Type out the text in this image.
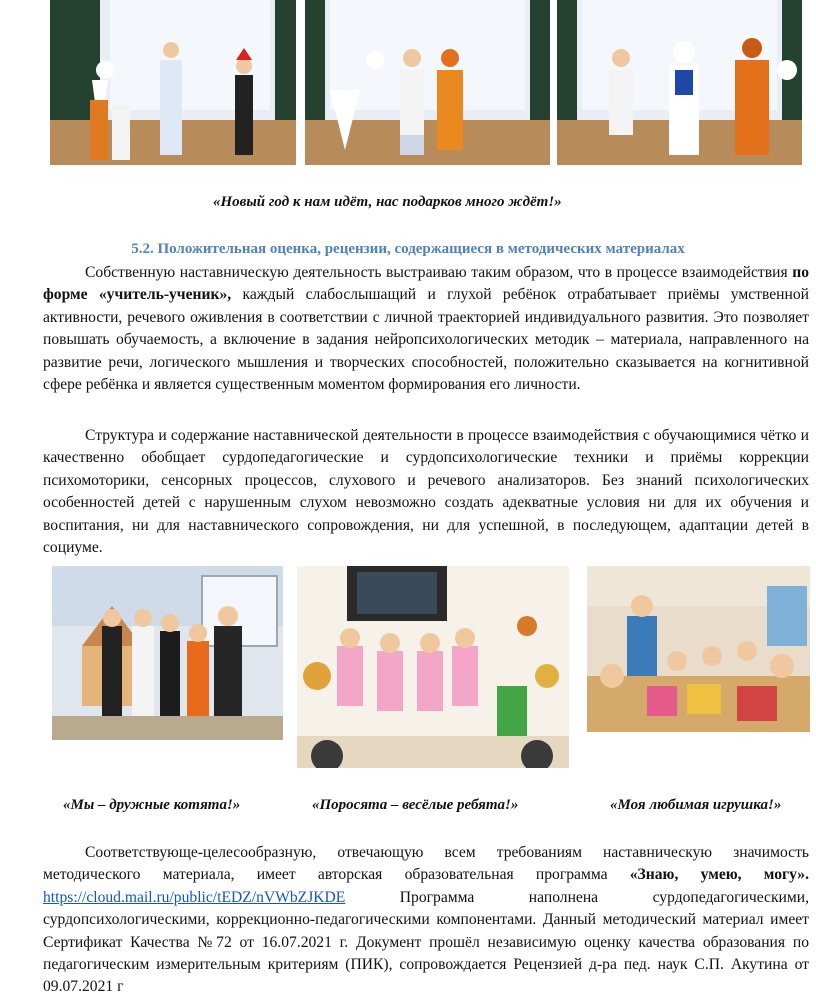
«Новый год к нам идёт, нас подарков много ждёт!»
5.2. Положительная оценка, рецензии, содержащиеся в методических материалах

Собственную наставническую деятельность выстраиваю таким образом, что в процессе взаимодействия по форме «учитель-ученик», каждый слабослышащий и глухой ребёнок отрабатывает приёмы умственной активности, речевого оживления в соответствии с личной траекторией индивидуального развития. Это позволяет повышать обучаемость, а включение в задания нейропсихологических методик – материала, направленного на развитие речи, логического мышления и творческих способностей, положительно сказывается на когнитивной сфере ребёнка и является существенным моментом формирования его личности.

Структура и содержание наставнической деятельности в процессе взаимодействия с обучающимися чётко и качественно обобщает сурдопедагогические и сурдопсихологические техники и приёмы коррекции психомоторики, сенсорных процессов, слухового и речевого анализаторов. Без знаний психологических особенностей детей с нарушенным слухом невозможно создать адекватные условия ни для их обучения и воспитания, ни для наставнического сопровождения, ни для успешной, в последующем, адаптации детей в социуме.

«Мы – дружные котята!»	«Поросята – весёлые ребята!»	«Моя любимая игрушка!»

Соответствующе-целесообразную, отвечающую всем требованиям наставническую значимость методического материала, имеет авторская образовательная программа «Знаю, умею, могу». https://cloud.mail.ru/public/tEDZ/nVWbZJKDE Программа наполнена сурдопедагогическими, сурдопсихологическими, коррекционно-педагогическими компонентами. Данный методический материал имеет Сертификат Качества №72 от 16.07.2021 г. Документ прошёл независимую оценку качества образования по педагогическим измерительным критериям (ПИК), сопровождается Рецензией д-ра пед. наук С.П. Акутина от 09.07.2021 г
